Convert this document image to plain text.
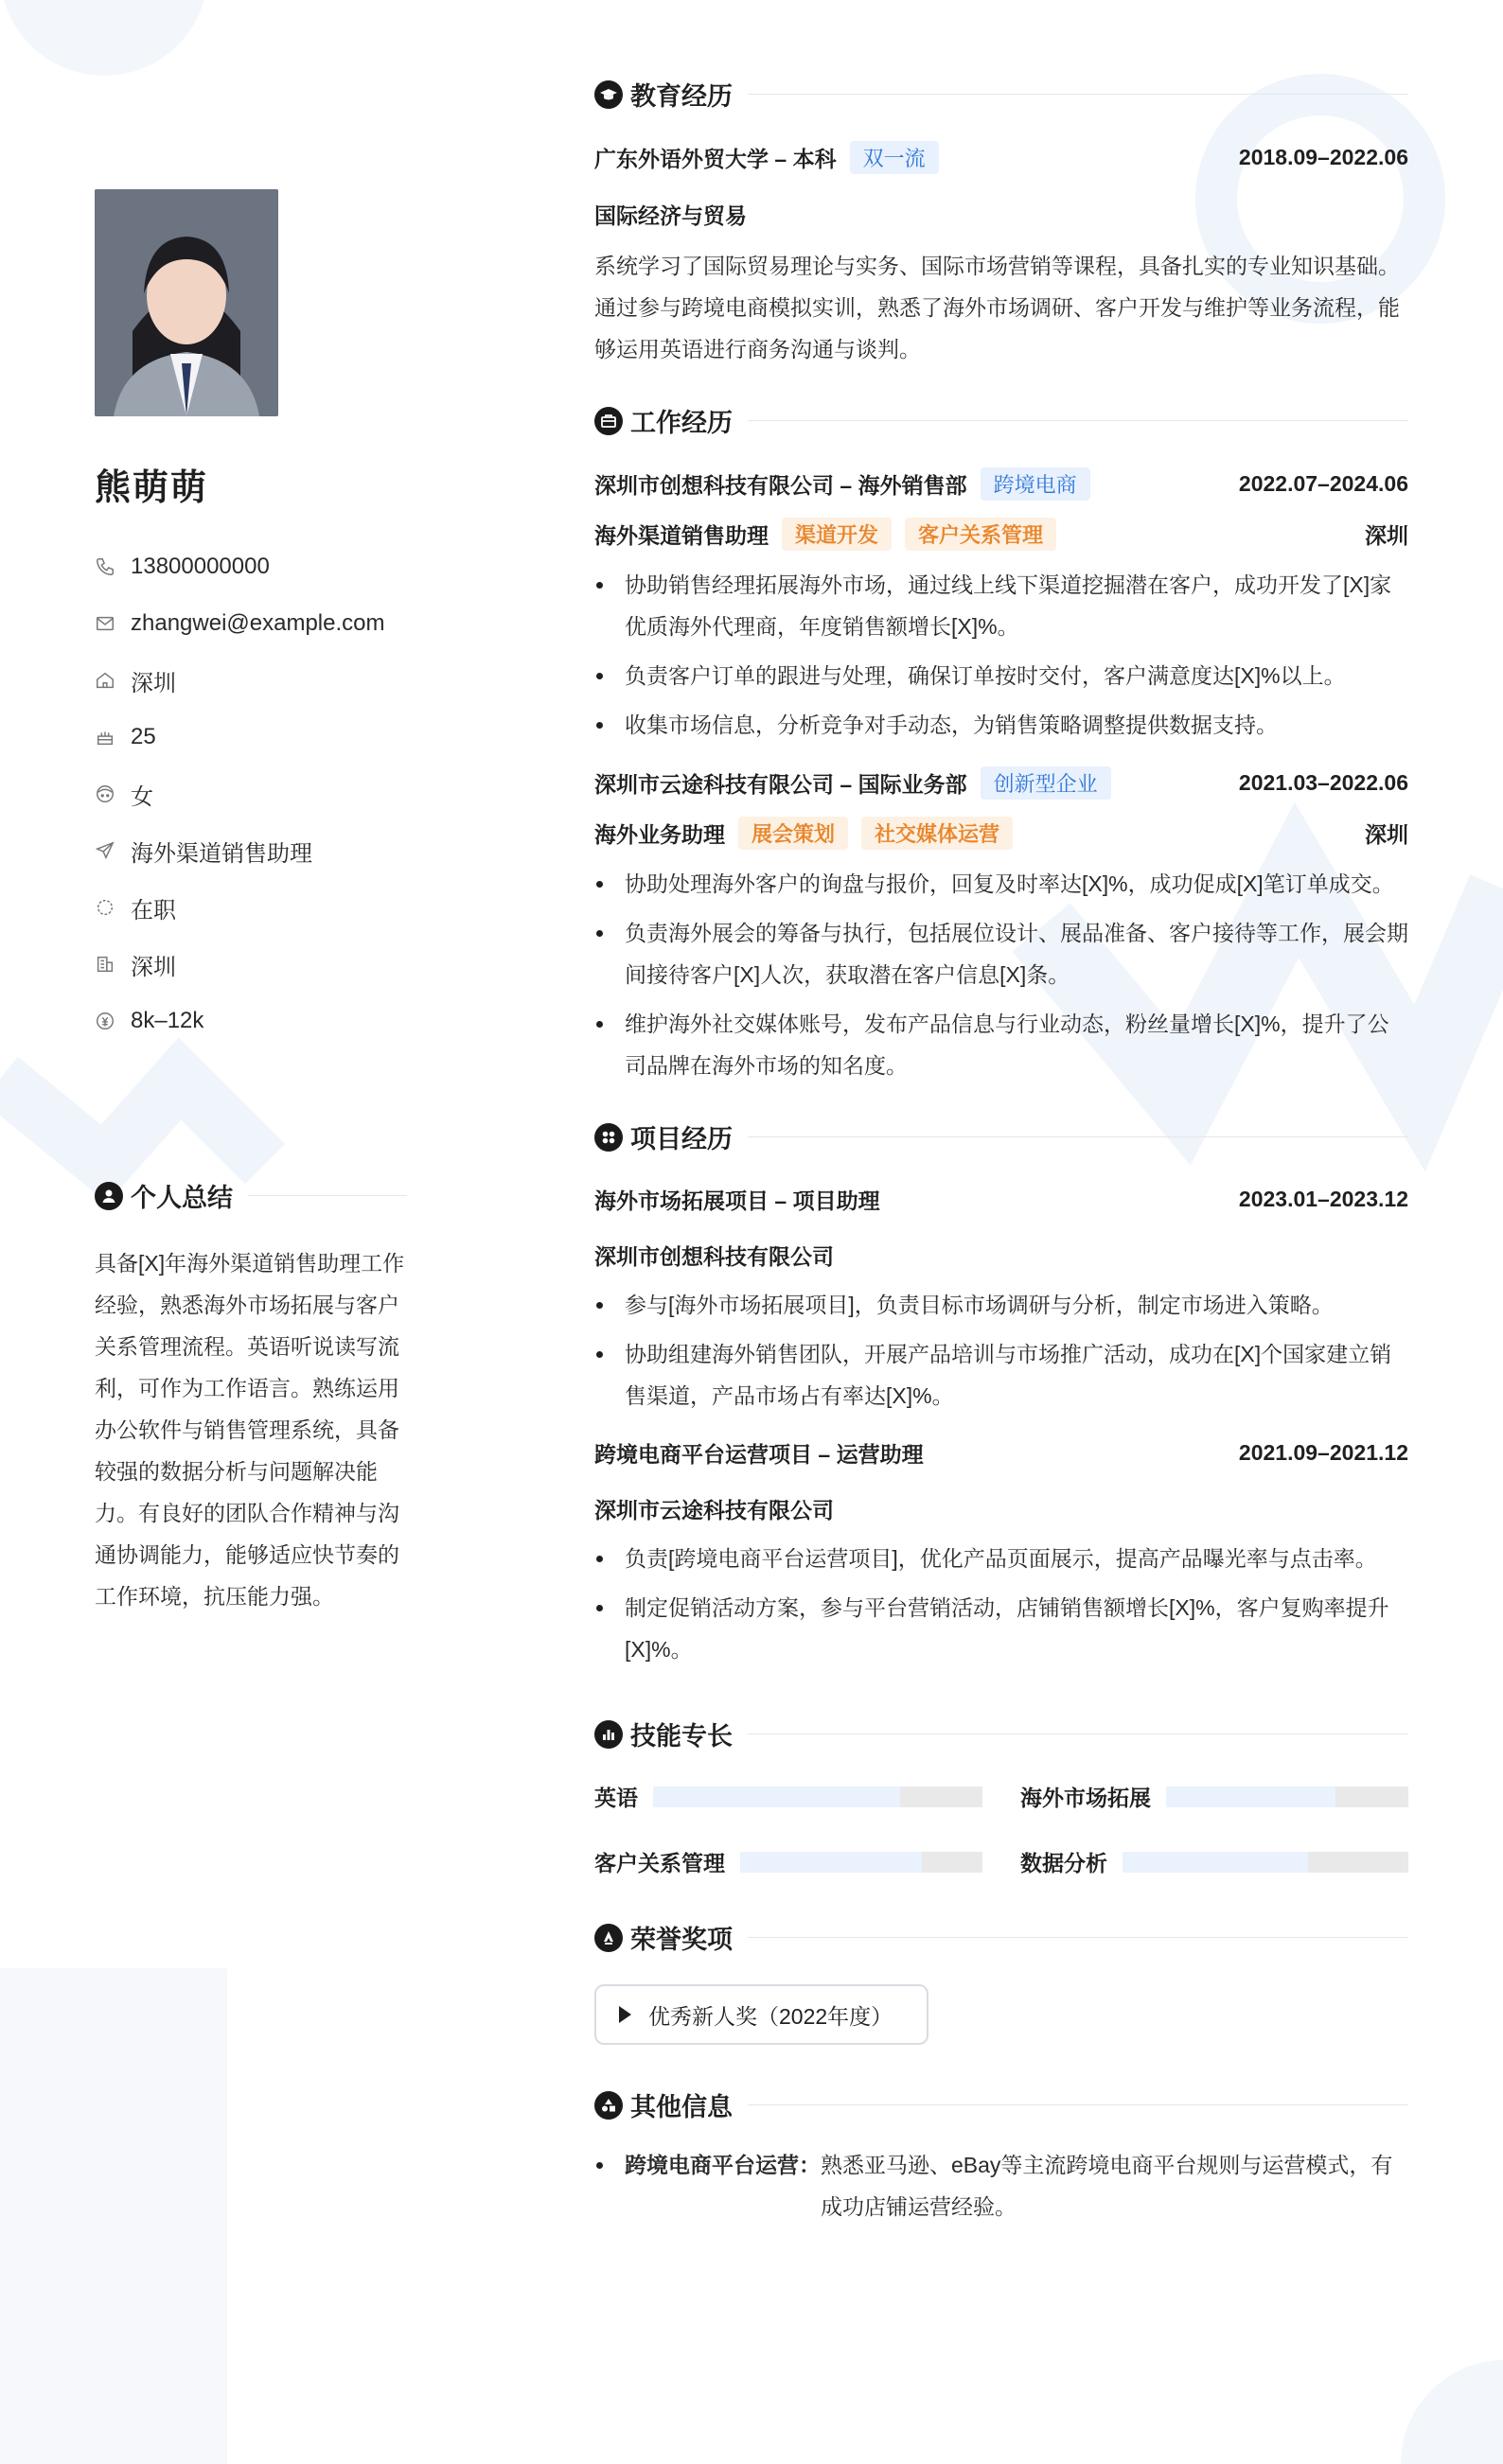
熊萌萌
13800000000
zhangwei@example.com
深圳
25
女
海外渠道销售助理
在职
深圳
8k–12k
个人总结
具备[X]年海外渠道销售助理工作经验，熟悉海外市场拓展与客户关系管理流程。英语听说读写流利，可作为工作语言。熟练运用办公软件与销售管理系统，具备较强的数据分析与问题解决能力。有良好的团队合作精神与沟通协调能力，能够适应快节奏的工作环境，抗压能力强。
教育经历
广东外语外贸大学 – 本科	双一流	2018.09–2022.06
国际经济与贸易
系统学习了国际贸易理论与实务、国际市场营销等课程，具备扎实的专业知识基础。通过参与跨境电商模拟实训，熟悉了海外市场调研、客户开发与维护等业务流程，能够运用英语进行商务沟通与谈判。
工作经历
深圳市创想科技有限公司 – 海外销售部	跨境电商	2022.07–2024.06
海外渠道销售助理	渠道开发	客户关系管理	深圳
协助销售经理拓展海外市场，通过线上线下渠道挖掘潜在客户，成功开发了[X]家优质海外代理商，年度销售额增长[X]%。
负责客户订单的跟进与处理，确保订单按时交付，客户满意度达[X]%以上。
收集市场信息，分析竞争对手动态，为销售策略调整提供数据支持。
深圳市云途科技有限公司 – 国际业务部	创新型企业	2021.03–2022.06
海外业务助理	展会策划	社交媒体运营	深圳
协助处理海外客户的询盘与报价，回复及时率达[X]%，成功促成[X]笔订单成交。
负责海外展会的筹备与执行，包括展位设计、展品准备、客户接待等工作，展会期间接待客户[X]人次，获取潜在客户信息[X]条。
维护海外社交媒体账号，发布产品信息与行业动态，粉丝量增长[X]%，提升了公司品牌在海外市场的知名度。
项目经历
海外市场拓展项目 – 项目助理	2023.01–2023.12
深圳市创想科技有限公司
参与[海外市场拓展项目]，负责目标市场调研与分析，制定市场进入策略。
协助组建海外销售团队，开展产品培训与市场推广活动，成功在[X]个国家建立销售渠道，产品市场占有率达[X]%。
跨境电商平台运营项目 – 运营助理	2021.09–2021.12
深圳市云途科技有限公司
负责[跨境电商平台运营项目]，优化产品页面展示，提高产品曝光率与点击率。
制定促销活动方案，参与平台营销活动，店铺销售额增长[X]%，客户复购率提升[X]%。
技能专长
英语	海外市场拓展
客户关系管理	数据分析
荣誉奖项
优秀新人奖（2022年度）
其他信息
跨境电商平台运营： 熟悉亚马逊、eBay等主流跨境电商平台规则与运营模式，有成功店铺运营经验。
